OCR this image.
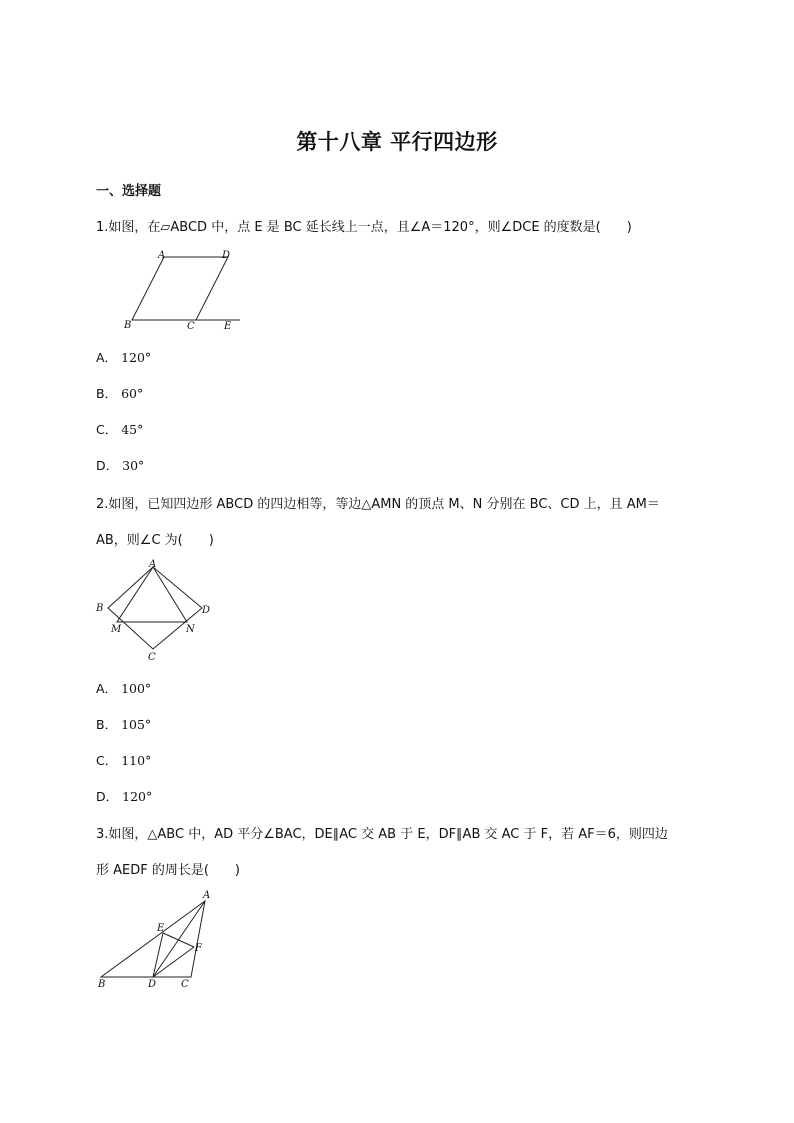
第十八章 平行四边形
一、选择题
1.如图，在▱ABCD 中，点 E 是 BC 延长线上一点，且∠A＝120°，则∠DCE 的度数是(　　)
A	D
B	C	E
A． 120°
B． 60°
C． 45°
D． 30°
2.如图，已知四边形 ABCD 的四边相等，等边△AMN 的顶点 M、N 分别在 BC、CD 上，且 AM＝
AB，则∠C 为(　　)
A
B	D
M	N
C
A． 100°
B． 105°
C． 110°
D． 120°
3.如图，△ABC 中，AD 平分∠BAC，DE∥AC 交 AB 于 E，DF∥AB 交 AC 于 F，若 AF＝6，则四边
形 AEDF 的周长是(　　)
A
E
F
B	D C
